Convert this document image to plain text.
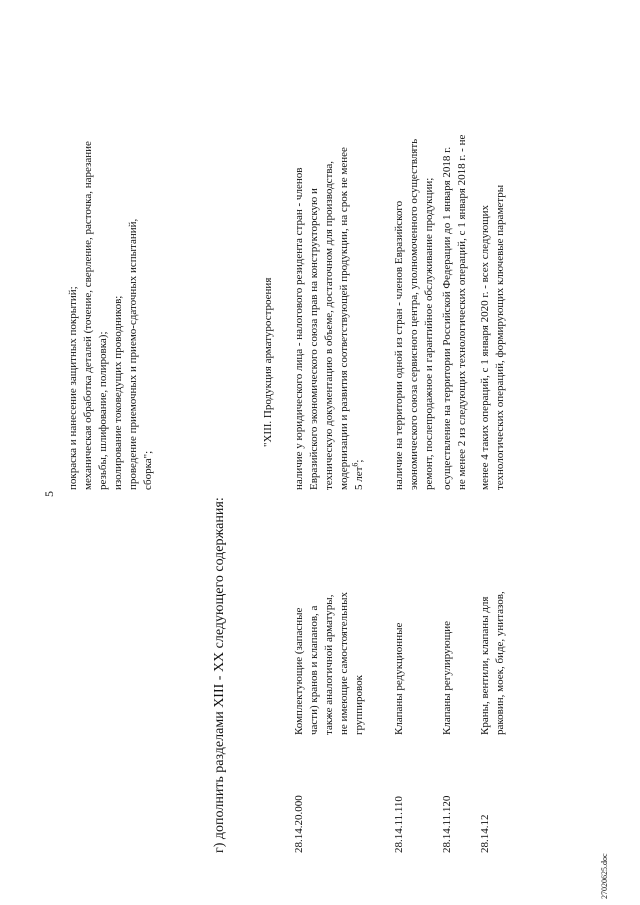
5
покраска и нанесение защитных покрытий; механическая обработка деталей (точение, сверление, расточка, нарезание резьбы, шлифование, полировка); изолирование токоведущих проводников; проведение приемочных и приемо-сдаточных испытаний, сборка";
г) дополнить разделами XIII - XX следующего содержания:
"XIII. Продукция арматуростроения
28.14.20.000
Комплектующие (запасные части) кранов и клапанов, а также аналогичной арматуры, не имеющие самостоятельных группировок
наличие у юридического лица - налогового резидента стран - членов Евразийского экономического союза прав на конструкторскую и техническую документацию в объеме, достаточном для производства, модернизации и развития соответствующей продукции, на срок не менее 5 лет$^6$;
28.14.11.110
Клапаны редукционные
наличие на территории одной из стран - членов Евразийского экономического союза сервисного центра, уполномоченного осуществлять ремонт, послепродажное и гарантийное обслуживание продукции;
28.14.11.120
Клапаны регулирующие
осуществление на территории Российской Федерации до 1 января 2018 г. не менее 2 из следующих технологических операций, с 1 января 2018 г. - не
28.14.12
Краны, вентили, клапаны для раковин, моек, биде, унитазов,
менее 4 таких операций, с 1 января 2020 г. - всех следующих технологических операций, формирующих ключевые параметры
27020625.doc
